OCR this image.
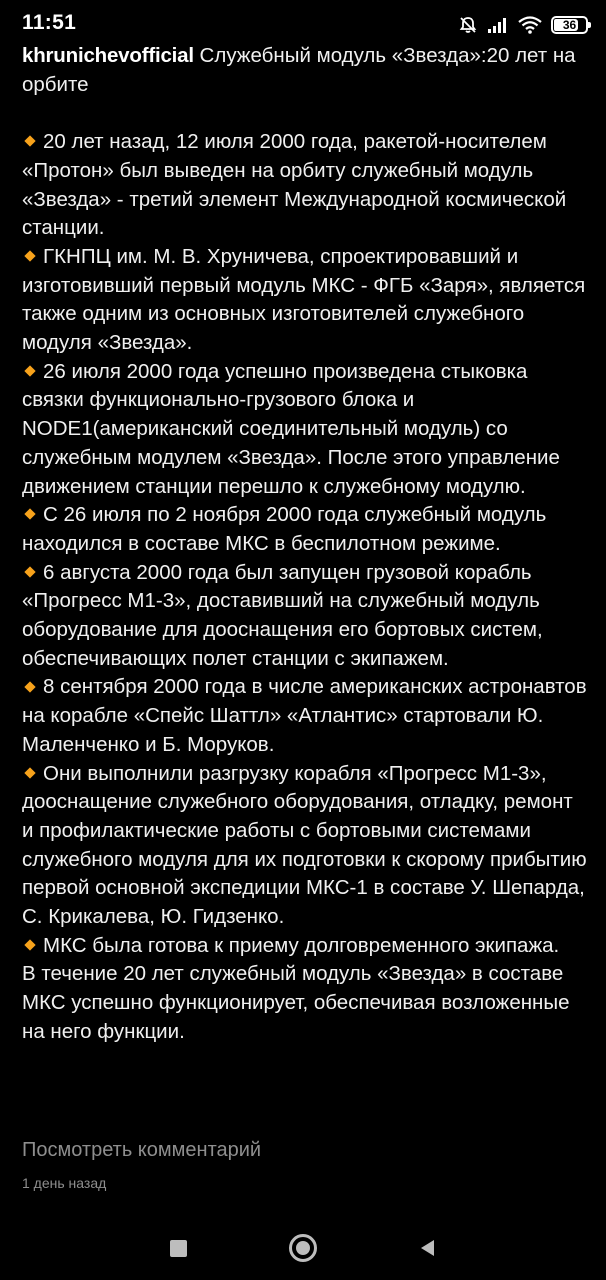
11:51	36

khrunichevofficial Служебный модуль «Звезда»:20 лет на орбите

20 лет назад, 12 июля 2000 года, ракетой-носителем «Протон» был выведен на орбиту служебный модуль «Звезда» - третий элемент Международной космической станции.

ГКНПЦ им. М. В. Хруничева, спроектировавший и изготовивший первый модуль МКС - ФГБ «Заря», является также одним из основных изготовителей служебного модуля «Звезда».

26 июля 2000 года успешно произведена стыковка связки функционально-грузового блока и NODE1(американский соединительный модуль) со служебным модулем «Звезда». После этого управление движением станции перешло к служебному модулю.

С 26 июля по 2 ноября 2000 года служебный модуль находился в составе МКС в беспилотном режиме.

6 августа 2000 года был запущен грузовой корабль «Прогресс М1-3», доставивший на служебный модуль оборудование для дооснащения его бортовых систем, обеспечивающих полет станции с экипажем.

8 сентября 2000 года в числе американских астронавтов на корабле «Спейс Шаттл» «Атлантис» стартовали Ю. Маленченко и Б. Моруков.

Они выполнили разгрузку корабля «Прогресс М1-3», дооснащение служебного оборудования, отладку, ремонт и профилактические работы с бортовыми системами служебного модуля для их подготовки к скорому прибытию первой основной экспедиции МКС-1 в составе У. Шепарда, С. Крикалева, Ю. Гидзенко.

МКС была готова к приему долговременного экипажа.

В течение 20 лет служебный модуль «Звезда» в составе МКС успешно функционирует, обеспечивая возложенные на него функции.

Посмотреть комментарий
1 день назад
